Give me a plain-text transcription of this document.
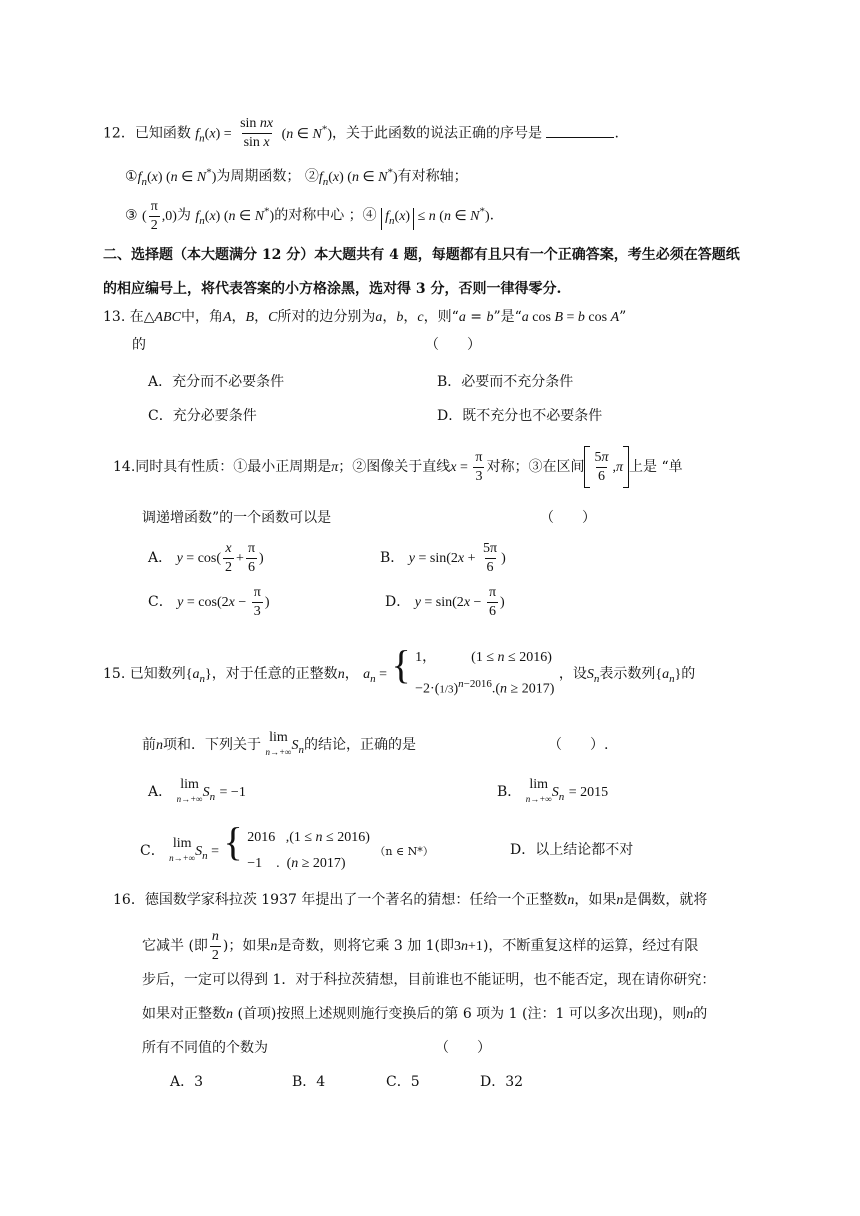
12．已知函数 $f_n(x) = \frac{\text{sin nx}}{\text{sin x}} (n$ ∈ N*)，关于此函数的说法正确的序号是	.
$①f_n(x)$ (n ∈ N*)为周期函数； $②f_n(x)$ (n ∈ N*)有对称轴；
③ ( $\frac{\pi}{2} ,0$)为 $f_n(x)$ (n ∈ N*)的对称中心 ；④ $f_n(x) \le n$ (n ∈ N*).
二、选择题（本大题满分 12 分）本大题共有 4 题，每题都有且只有一个正确答案，考生必须在答题纸
的相应编号上，将代表答案的小方格涂黑，选对得 3 分，否则一律得零分.
13. 在△ABC中，角A，B，C所对的边分别为a，b，c，则“a = b”是“a cos B = b cos A”
的	（　　）
A．充分而不必要条件	B．必要而不充分条件
C．充分必要条件	D．既不充分也不必要条件
14.同时具有性质：①最小正周期是π；②图像关于直线$x = \frac{\pi}{3}$ 对称；③在区间 $\frac{5\pi}{6} ,\pi$ 上是 “单
调递增函数”的一个函数可以是	（　　）
A． $y = \cos( \frac{x}{2} + \frac{\pi}{6}$ )	B． $y = \sin(2x + \frac{5\pi}{6}$ )
C． $y = \cos(2x - \frac{\pi}{3}$ )	D． $y = \sin(2x - \frac{\pi}{6}$ )
15. 已知数列$\{a_n\}$，对于任意的正整数n， $a_n$ = { 1，          (1 ≤ n ≤ 2016)
$-2\cdot(1/3)^{n-2016}.(n \ge 2017)$
，设$S_n$表示数列$\{a_n\}$的
前n项和．下列关于 lim
n→+∞ $S_n$的结论，正确的是	（　　）.
A． lim
n→+∞ $S_n = -1$	B． lim
n→+∞ $S_n = 2015$
C． lim
n→+∞ $S_n$ = { 2016   ,(1 ≤ n ≤ 2016)
−1    .  (n ≥ 2017)
（n ∈ N*）	D．以上结论都不对
16．德国数学家科拉茨 1937 年提出了一个著名的猜想：任给一个正整数n，如果n是偶数，就将
它减半 (即 $\frac{n}{2}$ )；如果n是奇数，则将它乘 3 加 1(即3n+1)，不断重复这样的运算，经过有限
步后，一定可以得到 1．对于科拉茨猜想，目前谁也不能证明，也不能否定，现在请你研究：
如果对正整数n (首项)按照上述规则施行变换后的第 6 项为 1 (注：1 可以多次出现)，则n的
所有不同值的个数为	（　　）
A．3	B．4	C．5	D．32
